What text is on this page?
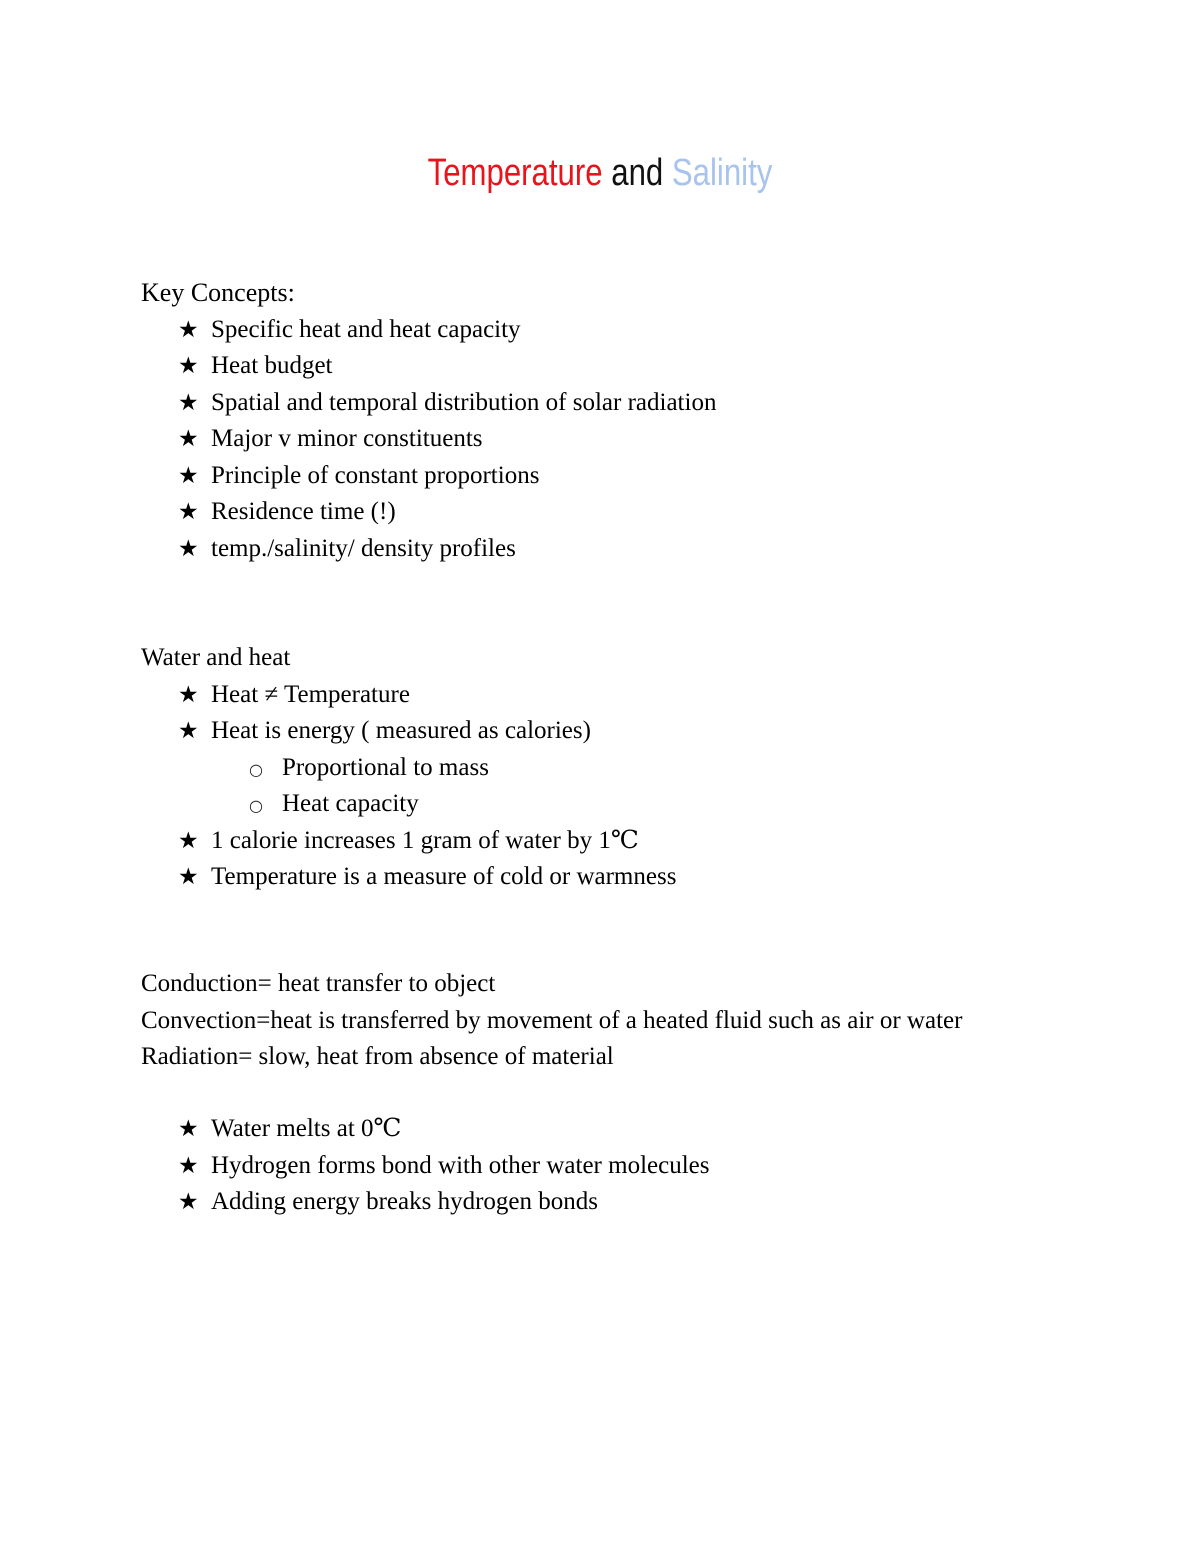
Temperature and Salinity
Key Concepts:
★ Specific heat and heat capacity
★ Heat budget
★ Spatial and temporal distribution of solar radiation
★ Major v minor constituents
★ Principle of constant proportions
★ Residence time (!)
★ temp./salinity/ density profiles
Water and heat
★ Heat ≠ Temperature
★ Heat is energy ( measured as calories)
○ Proportional to mass
○ Heat capacity
★ 1 calorie increases 1 gram of water by 1℃
★ Temperature is a measure of cold or warmness
Conduction= heat transfer to object
Convection=heat is transferred by movement of a heated fluid such as air or water
Radiation= slow, heat from absence of material
★ Water melts at 0℃
★ Hydrogen forms bond with other water molecules
★ Adding energy breaks hydrogen bonds
